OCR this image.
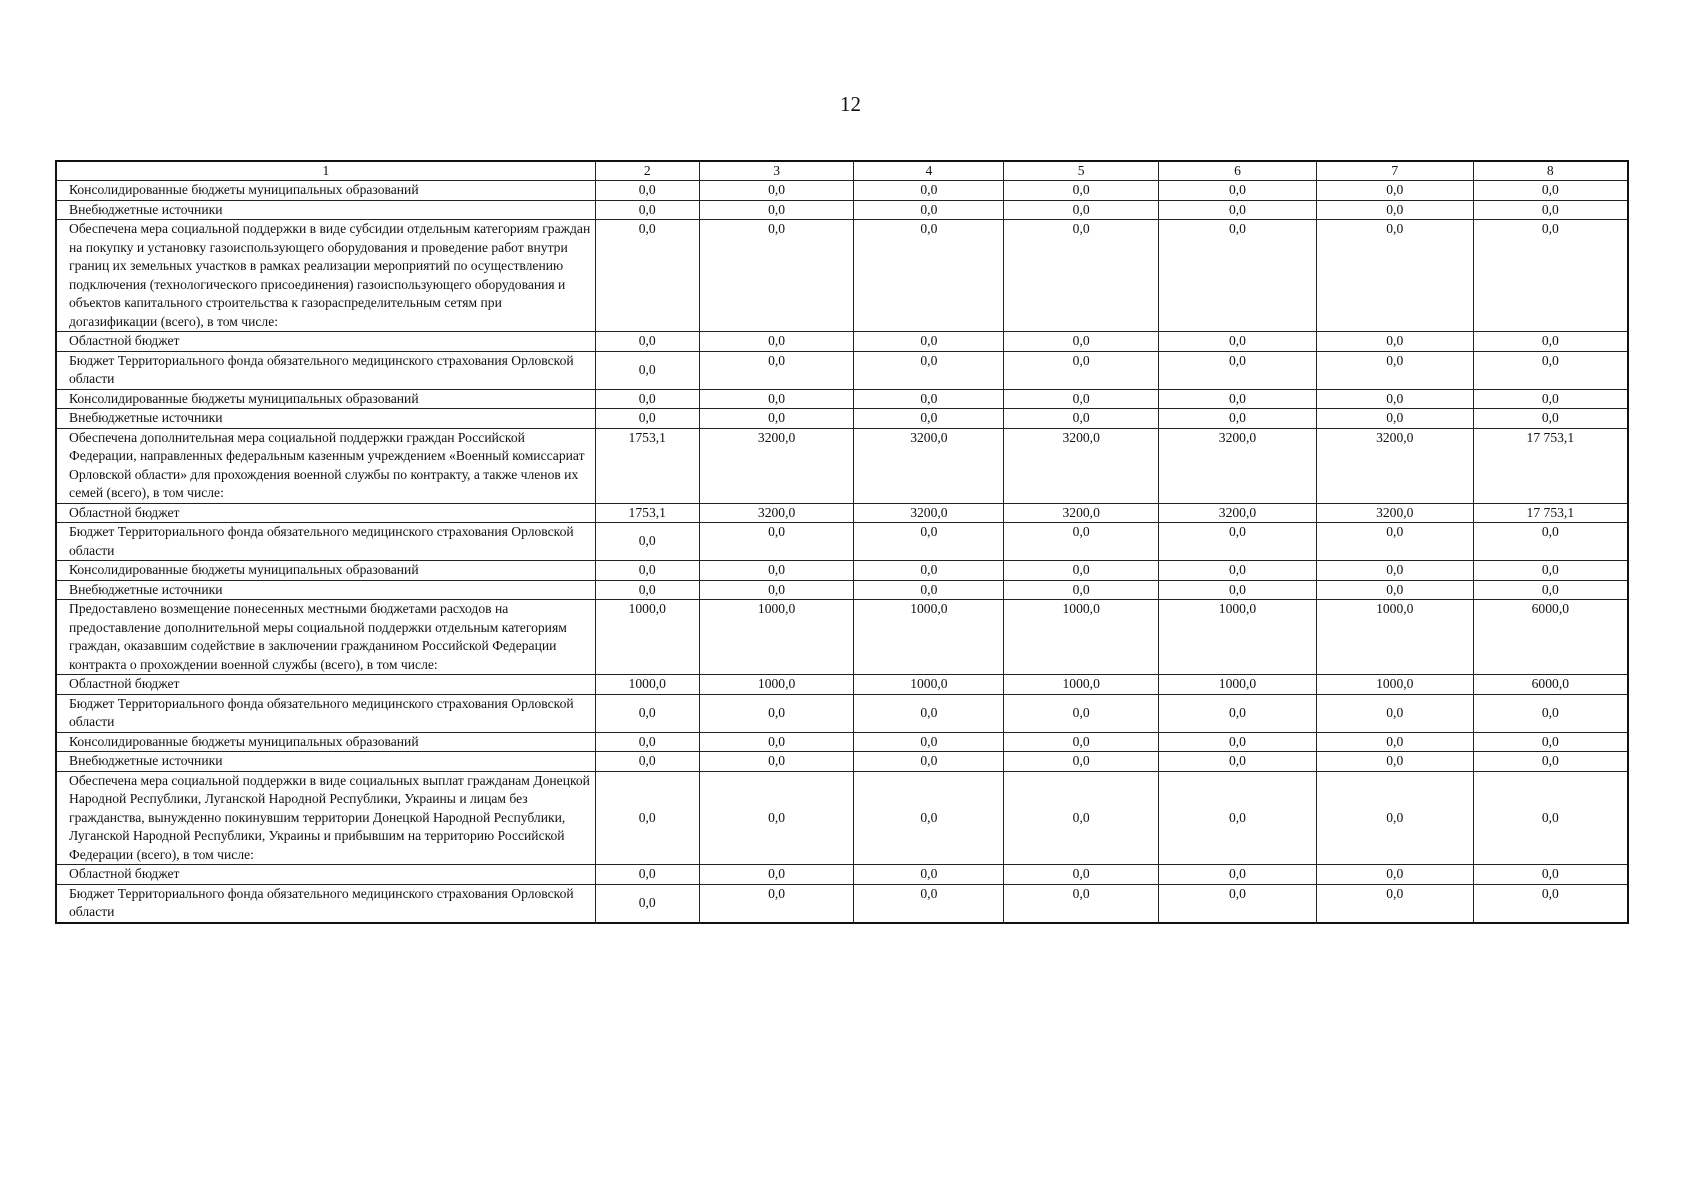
12
1	2	3	4	5	6	7	8
Консолидированные бюджеты муниципальных образований	0,0	0,0	0,0	0,0	0,0	0,0	0,0
Внебюджетные источники	0,0	0,0	0,0	0,0	0,0	0,0	0,0
Обеспечена мера социальной поддержки в виде субсидии отдельным категориям граждан на покупку и установку газоиспользующего оборудования и проведение работ внутри границ их земельных участков в рамках реализации мероприятий по осуществлению подключения (технологического присоединения) газоиспользующего оборудования и объектов капитального строительства к газораспределительным сетям при догазификации (всего), в том числе:	0,0	0,0	0,0	0,0	0,0	0,0	0,0
Областной бюджет	0,0	0,0	0,0	0,0	0,0	0,0	0,0
Бюджет Территориального фонда обязательного медицинского страхования Орловской области	0,0	0,0	0,0	0,0	0,0	0,0	0,0
Консолидированные бюджеты муниципальных образований	0,0	0,0	0,0	0,0	0,0	0,0	0,0
Внебюджетные источники	0,0	0,0	0,0	0,0	0,0	0,0	0,0
Обеспечена дополнительная мера социальной поддержки граждан Российской Федерации, направленных федеральным казенным учреждением «Военный комиссариат Орловской области» для прохождения военной службы по контракту, а также членов их семей (всего), в том числе:	1753,1	3200,0	3200,0	3200,0	3200,0	3200,0	17 753,1
Областной бюджет	1753,1	3200,0	3200,0	3200,0	3200,0	3200,0	17 753,1
Бюджет Территориального фонда обязательного медицинского страхования Орловской области	0,0	0,0	0,0	0,0	0,0	0,0	0,0
Консолидированные бюджеты муниципальных образований	0,0	0,0	0,0	0,0	0,0	0,0	0,0
Внебюджетные источники	0,0	0,0	0,0	0,0	0,0	0,0	0,0
Предоставлено возмещение понесенных местными бюджетами расходов на предоставление дополнительной меры социальной поддержки отдельным категориям граждан, оказавшим содействие в заключении гражданином Российской Федерации контракта о прохождении военной службы (всего), в том числе:	1000,0	1000,0	1000,0	1000,0	1000,0	1000,0	6000,0
Областной бюджет	1000,0	1000,0	1000,0	1000,0	1000,0	1000,0	6000,0
Бюджет Территориального фонда обязательного медицинского страхования Орловской области	0,0	0,0	0,0	0,0	0,0	0,0	0,0
Консолидированные бюджеты муниципальных образований	0,0	0,0	0,0	0,0	0,0	0,0	0,0
Внебюджетные источники	0,0	0,0	0,0	0,0	0,0	0,0	0,0
Обеспечена мера социальной поддержки в виде социальных выплат гражданам Донецкой Народной Республики, Луганской Народной Республики, Украины и лицам без гражданства, вынужденно покинувшим территории Донецкой Народной Республики, Луганской Народной Республики, Украины и прибывшим на территорию Российской Федерации (всего), в том числе:	0,0	0,0	0,0	0,0	0,0	0,0	0,0
Областной бюджет	0,0	0,0	0,0	0,0	0,0	0,0	0,0
Бюджет Территориального фонда обязательного медицинского страхования Орловской области	0,0	0,0	0,0	0,0	0,0	0,0	0,0
